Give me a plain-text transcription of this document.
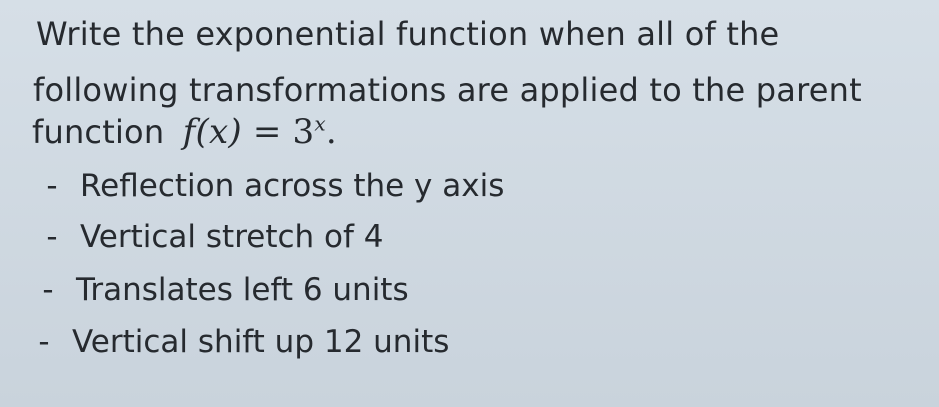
Write the exponential function when all of the
following transformations are applied to the parent
function $f(x) = 3^x$.
- Reflection across the y axis
- Vertical stretch of 4
- Translates left 6 units
- Vertical shift up 12 units
